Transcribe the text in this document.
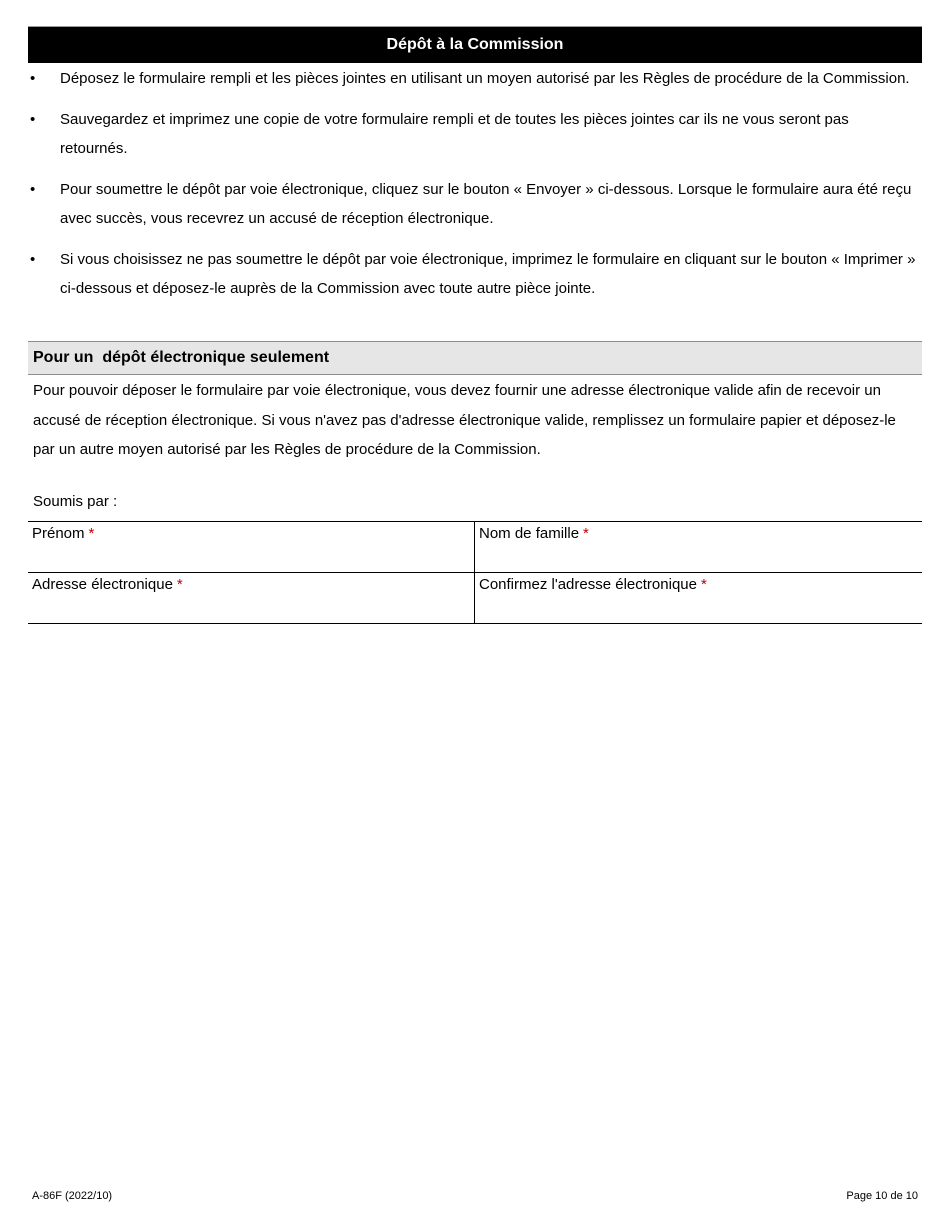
Dépôt à la Commission
• Déposez le formulaire rempli et les pièces jointes en utilisant un moyen autorisé par les Règles de procédure de la Commission.
• Sauvegardez et imprimez une copie de votre formulaire rempli et de toutes les pièces jointes car ils ne vous seront pas retournés.
• Pour soumettre le dépôt par voie électronique, cliquez sur le bouton « Envoyer » ci-dessous. Lorsque le formulaire aura été reçu avec succès, vous recevrez un accusé de réception électronique.
• Si vous choisissez ne pas soumettre le dépôt par voie électronique, imprimez le formulaire en cliquant sur le bouton « Imprimer » ci-dessous et déposez-le auprès de la Commission avec toute autre pièce jointe.
Pour un  dépôt électronique seulement
Pour pouvoir déposer le formulaire par voie électronique, vous devez fournir une adresse électronique valide afin de recevoir un accusé de réception électronique. Si vous n'avez pas d'adresse électronique valide, remplissez un formulaire papier et déposez-le par un autre moyen autorisé par les Règles de procédure de la Commission.
Soumis par :
Prénom *	Nom de famille *
Adresse électronique *	Confirmez l'adresse électronique *
A-86F (2022/10)	Page 10 de 10
